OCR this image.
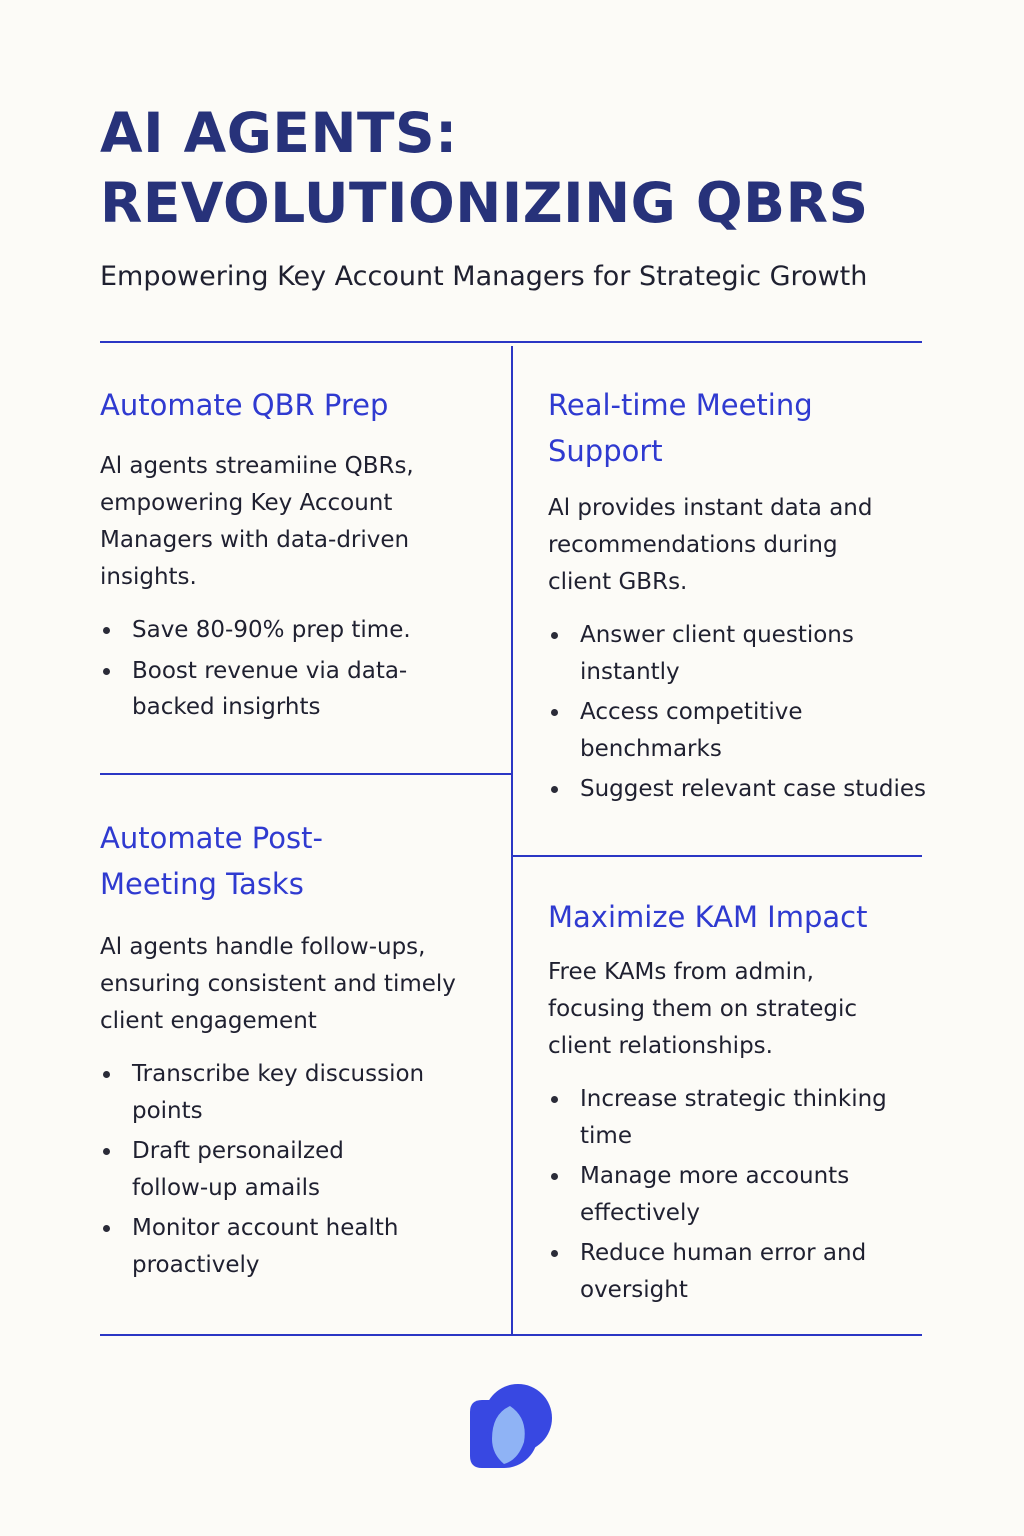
AI AGENTS:
REVOLUTIONIZING QBRS
Empowering Key Account Managers for Strategic Growth
Automate QBR Prep

Al agents streamiine QBRs, empowering Key Account Managers with data-driven insights.

Save 80-90% prep time.
Boost revenue via data-backed insigrhts
Real-time Meeting Support

Al provides instant data and recommendations during client GBRs.

Answer client questions instantly
Access competitive benchmarks
Suggest relevant case studies
Automate Post-Meeting Tasks

Al agents handle follow-ups, ensuring consistent and timely client engagement

Transcribe key discussion points
Draft personailzed follow-up amails
Monitor account health proactively
Maximize KAM Impact

Free KAMs from admin, focusing them on strategic client relationships.

Increase strategic thinking time
Manage more accounts effectively
Reduce human error and oversight
